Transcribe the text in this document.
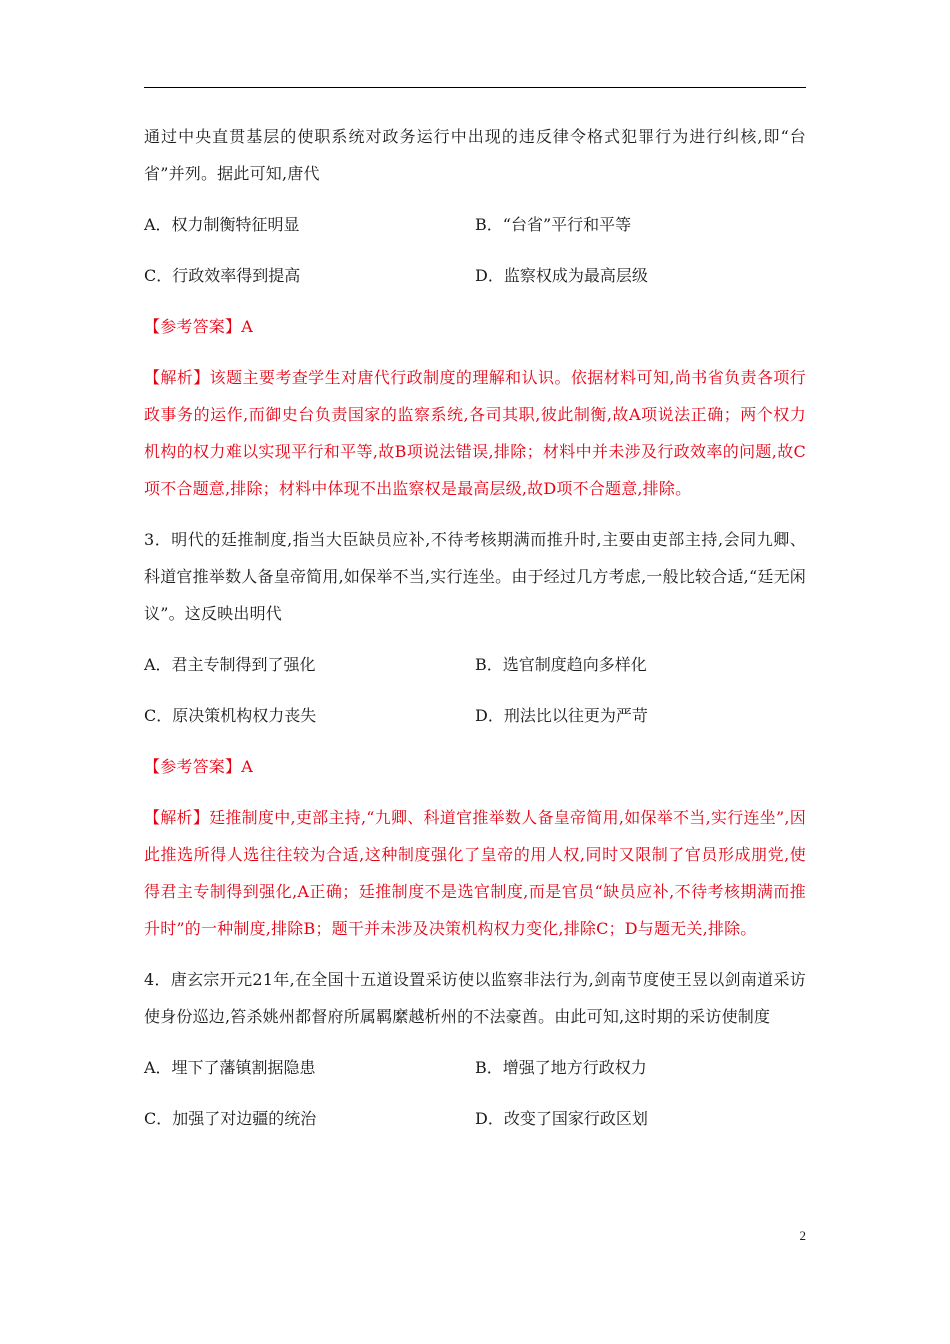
通过中央直贯基层的使职系统对政务运行中出现的违反律令格式犯罪行为进行纠核,即“台省”并列。据此可知,唐代

A．权力制衡特征明显	B．“台省”平行和平等
C．行政效率得到提高	D．监察权成为最高层级

【参考答案】A

【解析】该题主要考查学生对唐代行政制度的理解和认识。依据材料可知,尚书省负责各项行政事务的运作,而御史台负责国家的监察系统,各司其职,彼此制衡,故A项说法正确；两个权力机构的权力难以实现平行和平等,故B项说法错误,排除；材料中并未涉及行政效率的问题,故C项不合题意,排除；材料中体现不出监察权是最高层级,故D项不合题意,排除。

3．明代的廷推制度,指当大臣缺员应补,不待考核期满而推升时,主要由吏部主持,会同九卿、科道官推举数人备皇帝简用,如保举不当,实行连坐。由于经过几方考虑,一般比较合适,“廷无闲议”。这反映出明代

A．君主专制得到了强化	B．选官制度趋向多样化
C．原决策机构权力丧失	D．刑法比以往更为严苛

【参考答案】A

【解析】廷推制度中,吏部主持,“九卿、科道官推举数人备皇帝简用,如保举不当,实行连坐”,因此推选所得人选往往较为合适,这种制度强化了皇帝的用人权,同时又限制了官员形成朋党,使得君主专制得到强化,A正确；廷推制度不是选官制度,而是官员“缺员应补,不待考核期满而推升时”的一种制度,排除B；题干并未涉及决策机构权力变化,排除C；D与题无关,排除。

4．唐玄宗开元21年,在全国十五道设置采访使以监察非法行为,剑南节度使王昱以剑南道采访使身份巡边,笞杀姚州都督府所属羁縻越析州的不法豪酋。由此可知,这时期的采访使制度

A．埋下了藩镇割据隐患	B．增强了地方行政权力
C．加强了对边疆的统治	D．改变了国家行政区划
2
